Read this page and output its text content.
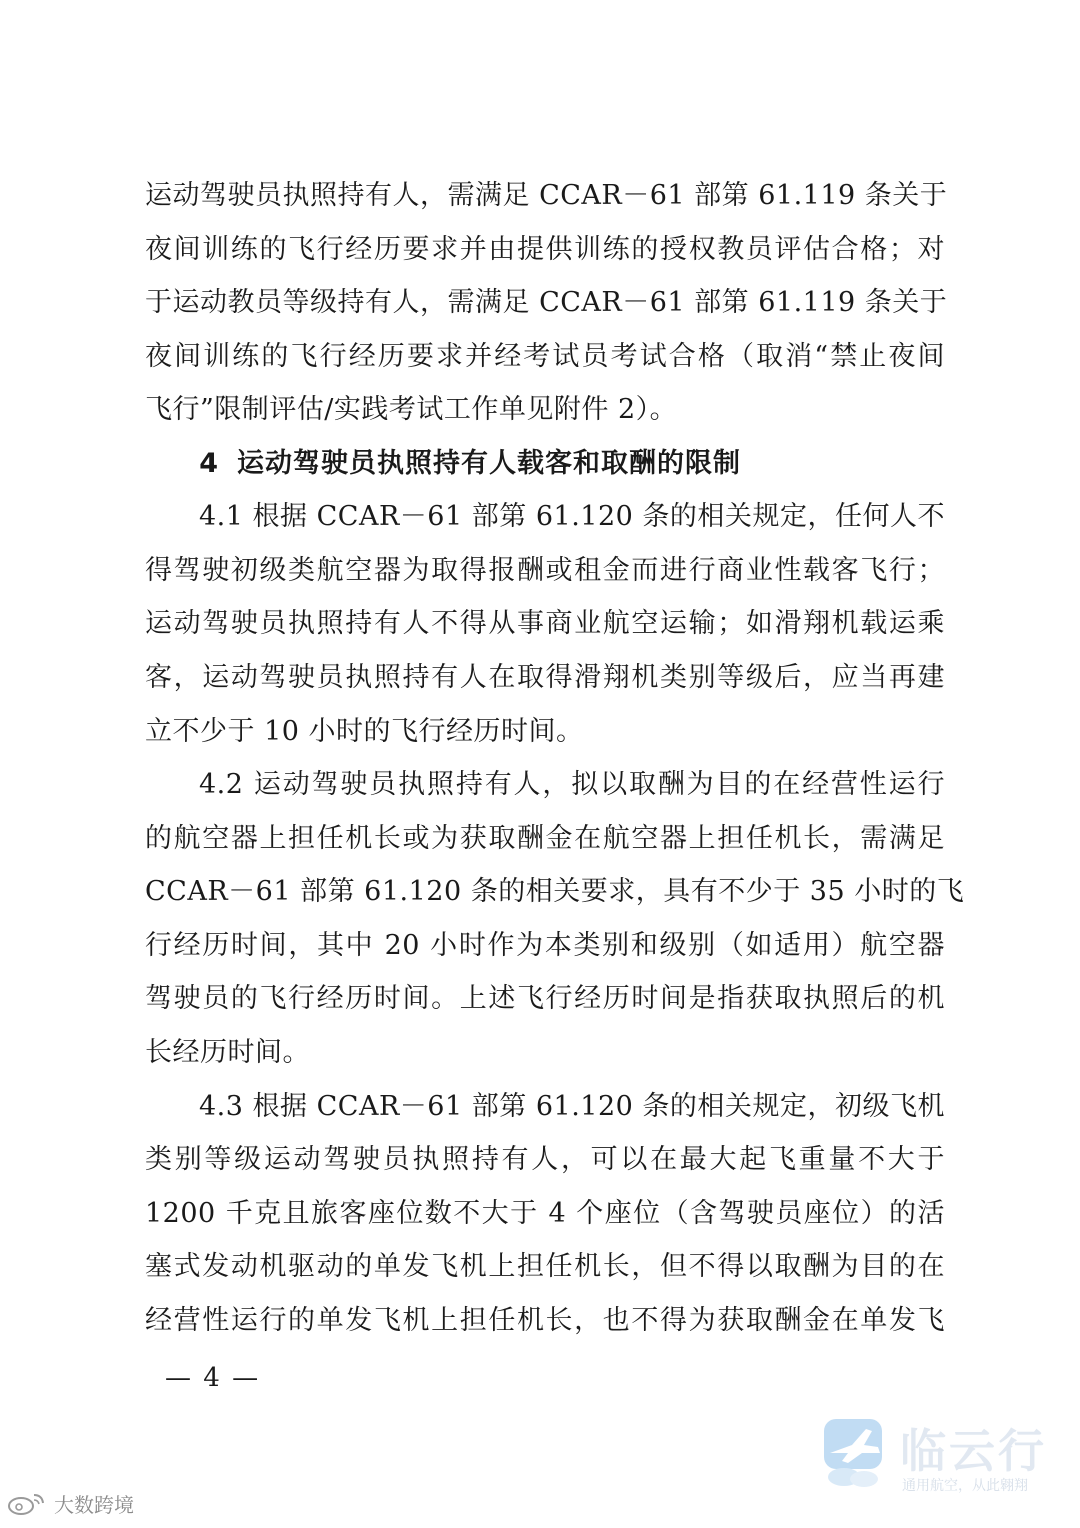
运动驾驶员执照持有人，需满足 CCAR－61 部第 61.119 条关于
夜间训练的飞行经历要求并由提供训练的授权教员评估合格；对
于运动教员等级持有人，需满足 CCAR－61 部第 61.119 条关于
夜间训练的飞行经历要求并经考试员考试合格（取消“禁止夜间
飞行”限制评估/实践考试工作单见附件 2）。
4 运动驾驶员执照持有人载客和取酬的限制
4.1 根据 CCAR－61 部第 61.120 条的相关规定，任何人不
得驾驶初级类航空器为取得报酬或租金而进行商业性载客飞行；
运动驾驶员执照持有人不得从事商业航空运输；如滑翔机载运乘
客，运动驾驶员执照持有人在取得滑翔机类别等级后，应当再建
立不少于 10 小时的飞行经历时间。
4.2 运动驾驶员执照持有人，拟以取酬为目的在经营性运行
的航空器上担任机长或为获取酬金在航空器上担任机长，需满足
CCAR－61 部第 61.120 条的相关要求，具有不少于 35 小时的飞
行经历时间，其中 20 小时作为本类别和级别（如适用）航空器
驾驶员的飞行经历时间。上述飞行经历时间是指获取执照后的机
长经历时间。
4.3 根据 CCAR－61 部第 61.120 条的相关规定，初级飞机
类别等级运动驾驶员执照持有人，可以在最大起飞重量不大于
1200 千克且旅客座位数不大于 4 个座位（含驾驶员座位）的活
塞式发动机驱动的单发飞机上担任机长，但不得以取酬为目的在
经营性运行的单发飞机上担任机长，也不得为获取酬金在单发飞
— 4 —
临云行
通用航空，从此翱翔
大数跨境
